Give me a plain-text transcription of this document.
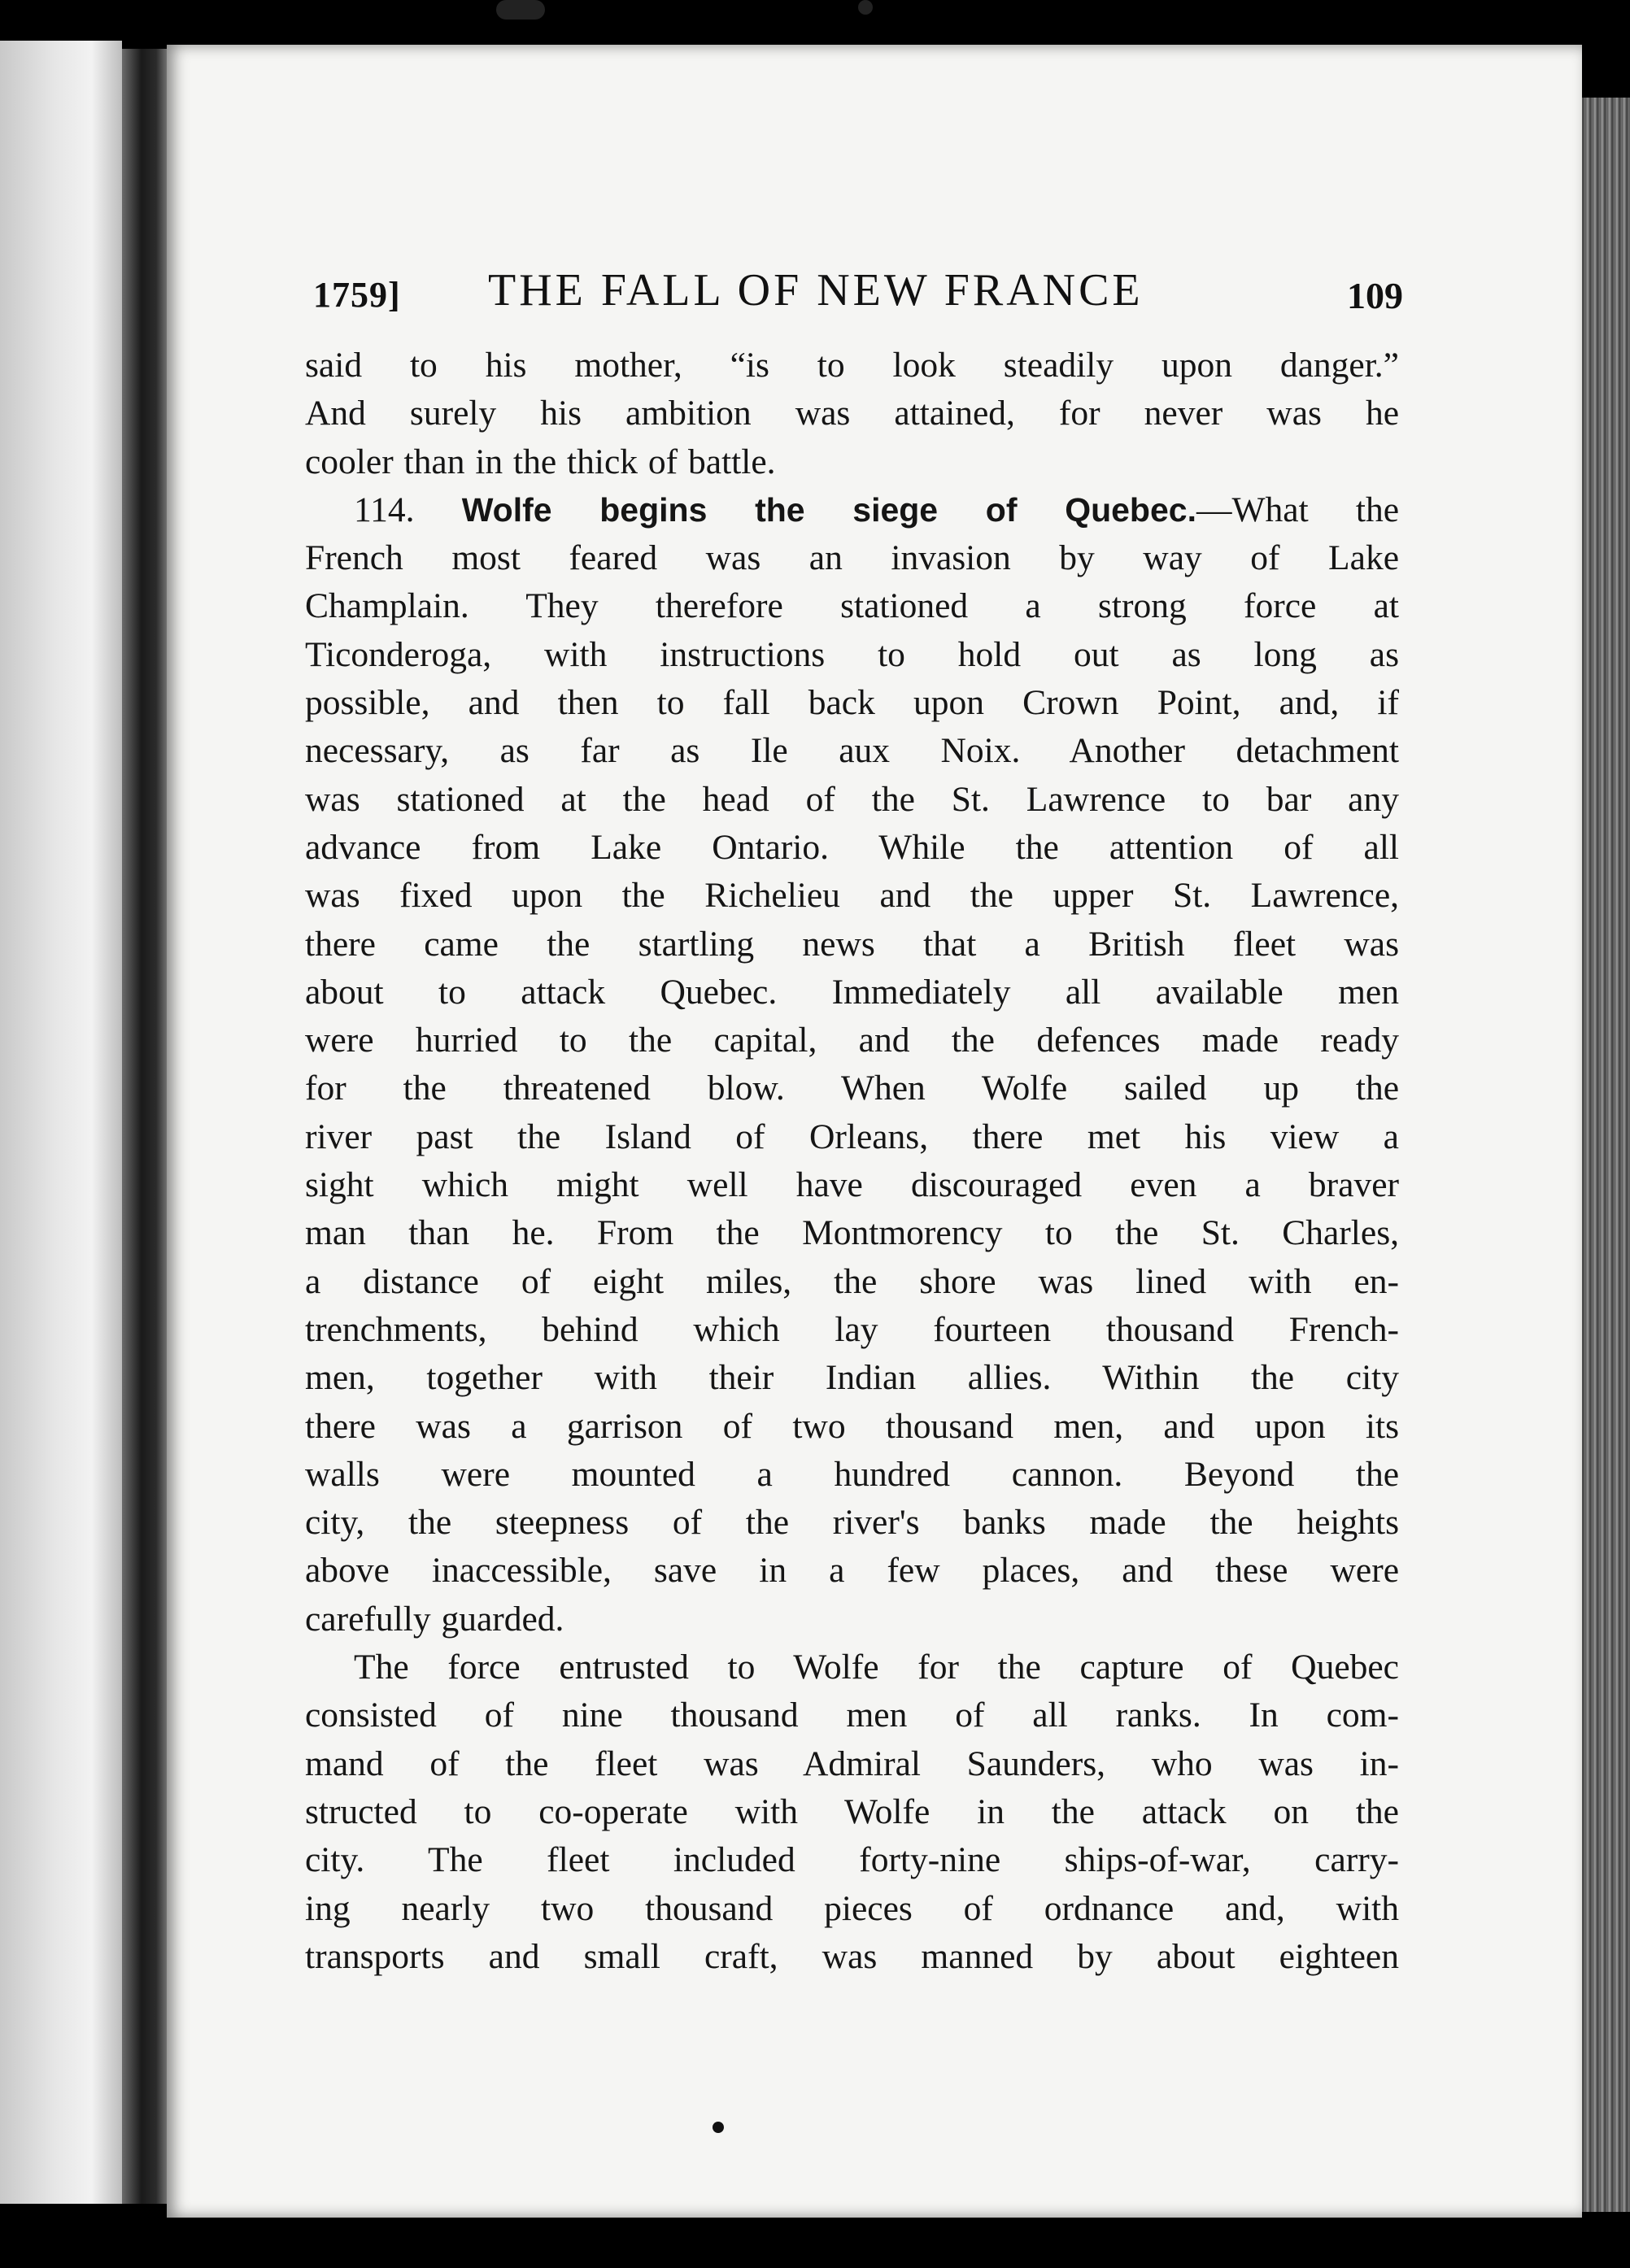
1759] THE FALL OF NEW FRANCE	109

said to his mother, “is to look steadily upon danger.”
And surely his ambition was attained, for never was he
cooler than in the thick of battle.

114. Wolfe begins the siege of Quebec.—What the
French most feared was an invasion by way of Lake
Champlain. They therefore stationed a strong force at
Ticonderoga, with instructions to hold out as long as
possible, and then to fall back upon Crown Point, and, if
necessary, as far as Ile aux Noix. Another detachment
was stationed at the head of the St. Lawrence to bar any
advance from Lake Ontario. While the attention of all
was fixed upon the Richelieu and the upper St. Lawrence,
there came the startling news that a British fleet was
about to attack Quebec. Immediately all available men
were hurried to the capital, and the defences made ready
for the threatened blow. When Wolfe sailed up the
river past the Island of Orleans, there met his view a
sight which might well have discouraged even a braver
man than he. From the Montmorency to the St. Charles,
a distance of eight miles, the shore was lined with en-
trenchments, behind which lay fourteen thousand French-
men, together with their Indian allies. Within the city
there was a garrison of two thousand men, and upon its
walls were mounted a hundred cannon. Beyond the
city, the steepness of the river's banks made the heights
above inaccessible, save in a few places, and these were
carefully guarded.

The force entrusted to Wolfe for the capture of Quebec
consisted of nine thousand men of all ranks. In com-
mand of the fleet was Admiral Saunders, who was in-
structed to co-operate with Wolfe in the attack on the
city. The fleet included forty-nine ships-of-war, carry-
ing nearly two thousand pieces of ordnance and, with
transports and small craft, was manned by about eighteen
